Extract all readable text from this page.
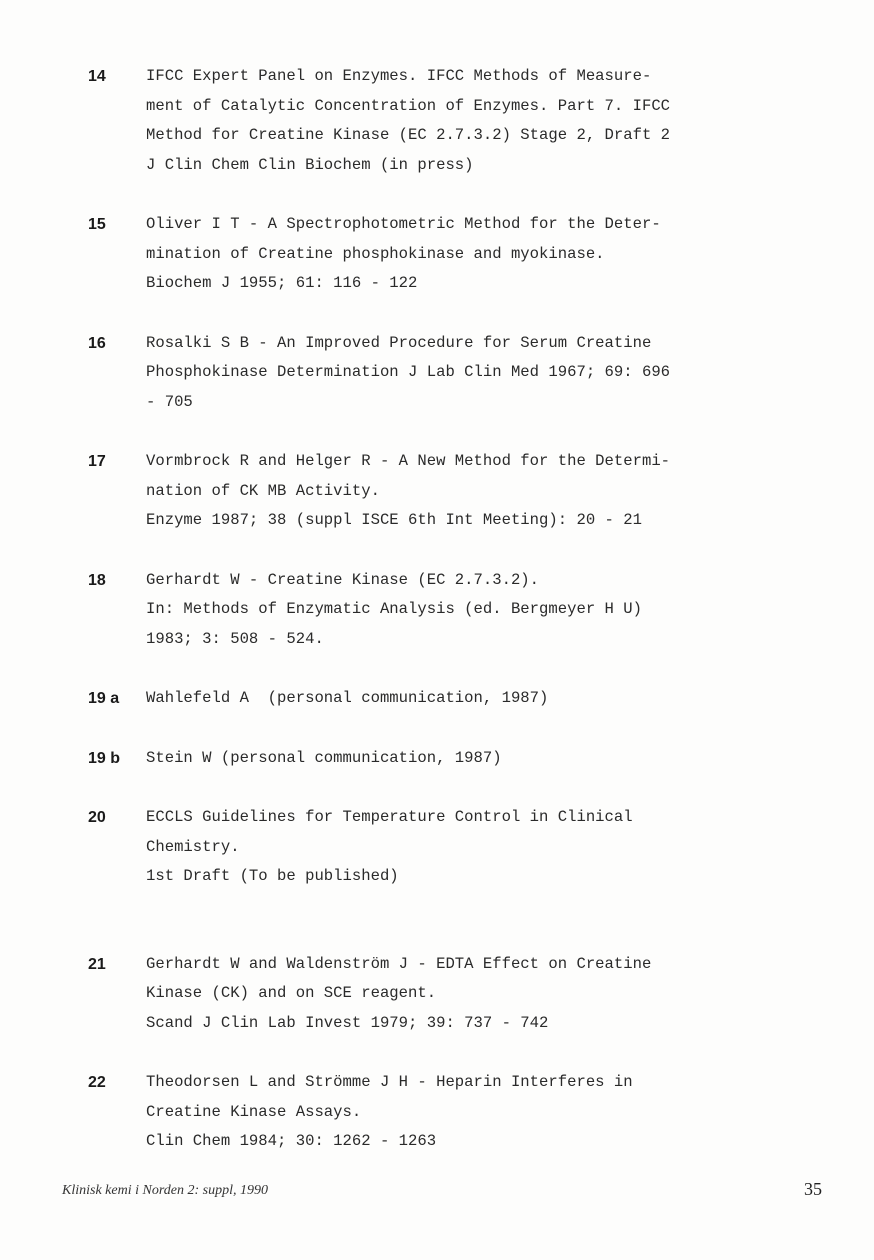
14	IFCC Expert Panel on Enzymes. IFCC Methods of Measure-
ment of Catalytic Concentration of Enzymes. Part 7. IFCC
Method for Creatine Kinase (EC 2.7.3.2) Stage 2, Draft 2
J Clin Chem Clin Biochem (in press)
15	Oliver I T - A Spectrophotometric Method for the Deter-
mination of Creatine phosphokinase and myokinase.
Biochem J 1955; 61: 116 - 122
16	Rosalki S B - An Improved Procedure for Serum Creatine
Phosphokinase Determination J Lab Clin Med 1967; 69: 696
- 705
17	Vormbrock R and Helger R - A New Method for the Determi-
nation of CK MB Activity.
Enzyme 1987; 38 (suppl ISCE 6th Int Meeting): 20 - 21
18	Gerhardt W - Creatine Kinase (EC 2.7.3.2).
In: Methods of Enzymatic Analysis (ed. Bergmeyer H U)
1983; 3: 508 - 524.
19 a	Wahlefeld A  (personal communication, 1987)
19 b	Stein W (personal communication, 1987)
20	ECCLS Guidelines for Temperature Control in Clinical
Chemistry.
1st Draft (To be published)
21	Gerhardt W and Waldenström J - EDTA Effect on Creatine
Kinase (CK) and on SCE reagent.
Scand J Clin Lab Invest 1979; 39: 737 - 742
22	Theodorsen L and Strömme J H - Heparin Interferes in
Creatine Kinase Assays.
Clin Chem 1984; 30: 1262 - 1263
Klinisk kemi i Norden 2: suppl, 1990	35
